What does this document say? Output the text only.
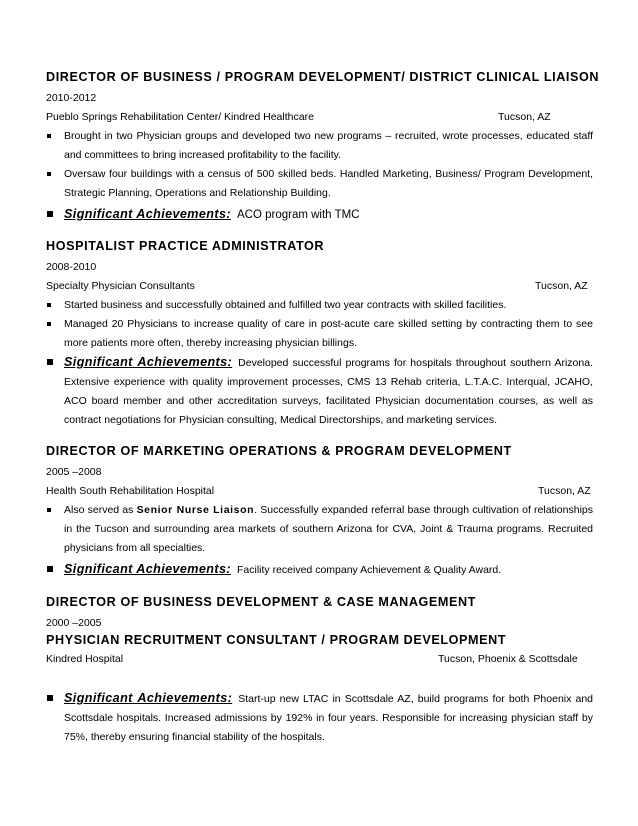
DIRECTOR OF BUSINESS / PROGRAM DEVELOPMENT/ DISTRICT CLINICAL LIAISON
2010-2012
Pueblo Springs Rehabilitation Center/ Kindred Healthcare	Tucson, AZ
Brought in two Physician groups and developed two new programs – recruited, wrote processes, educated staff and committees to bring increased profitability to the facility.
Oversaw four buildings with a census of 500 skilled beds. Handled Marketing, Business/ Program Development, Strategic Planning, Operations and Relationship Building.
Significant Achievements: ACO program with TMC
HOSPITALIST PRACTICE ADMINISTRATOR
2008-2010
Specialty Physician Consultants	Tucson, AZ
Started business and successfully obtained and fulfilled two year contracts with skilled facilities.
Managed 20 Physicians to increase quality of care in post-acute care skilled setting by contracting them to see more patients more often, thereby increasing physician billings.
Significant Achievements: Developed successful programs for hospitals throughout southern Arizona. Extensive experience with quality improvement processes, CMS 13 Rehab criteria, L.T.A.C. Interqual, JCAHO, ACO board member and other accreditation surveys, facilitated Physician documentation courses, as well as contract negotiations for Physician consulting, Medical Directorships, and marketing services.
DIRECTOR OF MARKETING OPERATIONS & PROGRAM DEVELOPMENT
2005 –2008
Health South Rehabilitation Hospital	Tucson, AZ
Also served as Senior Nurse Liaison. Successfully expanded referral base through cultivation of relationships in the Tucson and surrounding area markets of southern Arizona for CVA, Joint & Trauma programs. Recruited physicians from all specialties.
Significant Achievements: Facility received company Achievement & Quality Award.
DIRECTOR OF BUSINESS DEVELOPMENT & CASE MANAGEMENT
2000 –2005
PHYSICIAN RECRUITMENT CONSULTANT / PROGRAM DEVELOPMENT
Kindred Hospital	Tucson, Phoenix & Scottsdale
Significant Achievements: Start-up new LTAC in Scottsdale AZ, build programs for both Phoenix and Scottsdale hospitals. Increased admissions by 192% in four years. Responsible for increasing physician staff by 75%, thereby ensuring financial stability of the hospitals.
